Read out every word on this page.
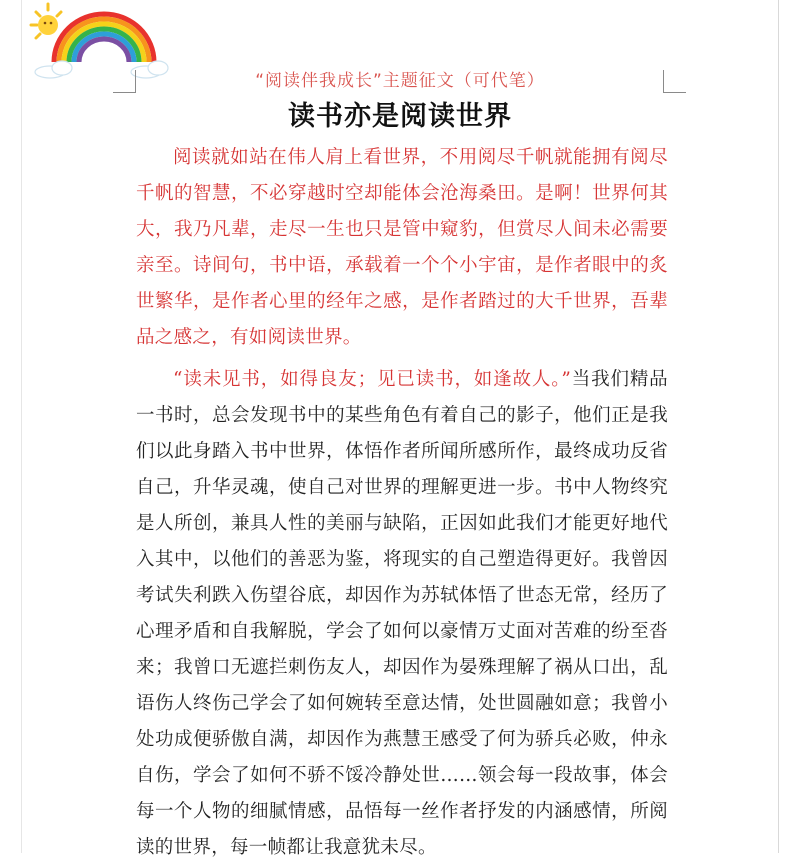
“阅读伴我成长”主题征文（可代笔）
读书亦是阅读世界

阅读就如站在伟人肩上看世界，不用阅尽千帆就能拥有阅尽千帆的智慧，不必穿越时空却能体会沧海桑田。是啊！世界何其大，我乃凡辈，走尽一生也只是管中窥豹，但赏尽人间未必需要亲至。诗间句，书中语，承载着一个个小宇宙，是作者眼中的炙世繁华，是作者心里的经年之感，是作者踏过的大千世界，吾辈品之感之，有如阅读世界。

“读未见书，如得良友；见已读书，如逢故人。”当我们精品一书时，总会发现书中的某些角色有着自己的影子，他们正是我们以此身踏入书中世界，体悟作者所闻所感所作，最终成功反省自己，升华灵魂，使自己对世界的理解更进一步。书中人物终究是人所创，兼具人性的美丽与缺陷，正因如此我们才能更好地代入其中，以他们的善恶为鉴，将现实的自己塑造得更好。我曾因考试失利跌入伤望谷底，却因作为苏轼体悟了世态无常，经历了心理矛盾和自我解脱，学会了如何以豪情万丈面对苦难的纷至沓来；我曾口无遮拦刺伤友人，却因作为晏殊理解了祸从口出，乱语伤人终伤己学会了如何婉转至意达情，处世圆融如意；我曾小处功成便骄傲自满，却因作为燕慧王感受了何为骄兵必败，仲永自伤，学会了如何不骄不馁冷静处世……领会每一段故事，体会每一个人物的细腻情感，品悟每一丝作者抒发的内涵感情，所阅读的世界，每一帧都让我意犹未尽。
